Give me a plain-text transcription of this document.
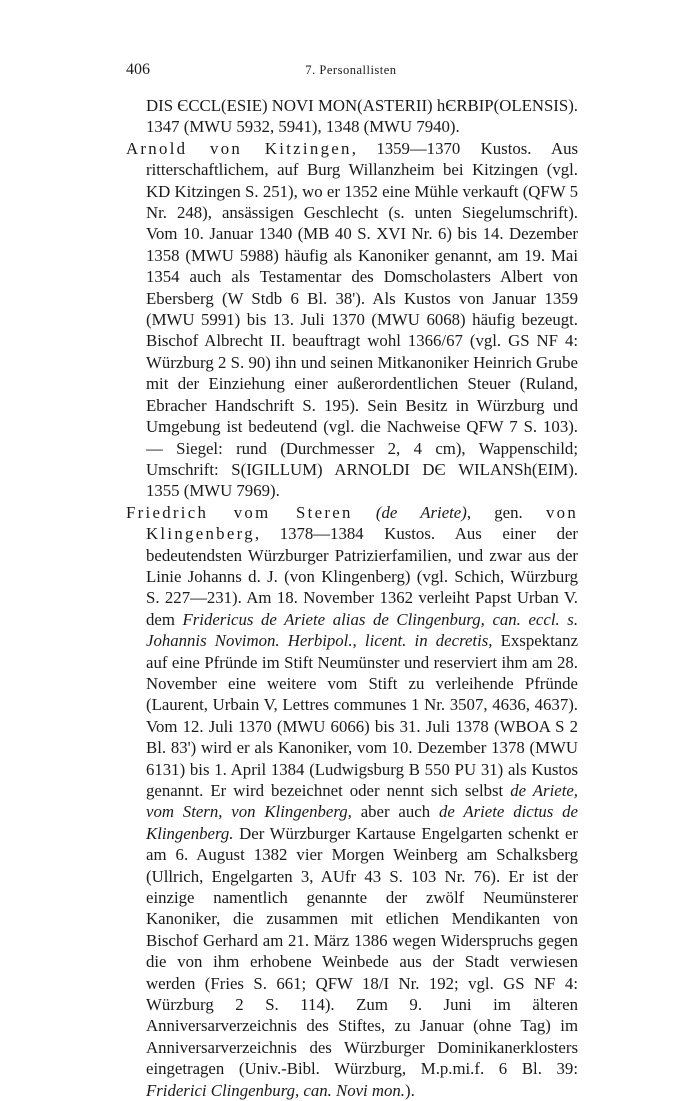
406	7. Personallisten

DIS ЄCCL(ESIE) NOVI MON(ASTERII) hЄRBIP(OLENSIS). 1347 (MWU 5932, 5941), 1348 (MWU 7940).

Arnold von Kitzingen, 1359—1370 Kustos. Aus ritterschaftlichem, auf Burg Willanzheim bei Kitzingen (vgl. KD Kitzingen S. 251), wo er 1352 eine Mühle verkauft (QFW 5 Nr. 248), ansässigen Geschlecht (s. unten Siegelumschrift). Vom 10. Januar 1340 (MB 40 S. XVI Nr. 6) bis 14. Dezember 1358 (MWU 5988) häufig als Kanoniker genannt, am 19. Mai 1354 auch als Testamentar des Domscholasters Albert von Ebersberg (W Stdb 6 Bl. 38'). Als Kustos von Januar 1359 (MWU 5991) bis 13. Juli 1370 (MWU 6068) häufig bezeugt. Bischof Albrecht II. beauftragt wohl 1366/67 (vgl. GS NF 4: Würzburg 2 S. 90) ihn und seinen Mitkanoniker Heinrich Grube mit der Einziehung einer außerordentlichen Steuer (Ruland, Ebracher Handschrift S. 195). Sein Besitz in Würzburg und Umgebung ist bedeutend (vgl. die Nachweise QFW 7 S. 103). — Siegel: rund (Durchmesser 2, 4 cm), Wappenschild; Umschrift: S(IGILLUM) ARNOLDI DЄ WILANSh(EIM). 1355 (MWU 7969).

Friedrich vom Steren (de Ariete), gen. von Klingenberg, 1378—1384 Kustos. Aus einer der bedeutendsten Würzburger Patrizierfamilien, und zwar aus der Linie Johanns d. J. (von Klingenberg) (vgl. Schich, Würzburg S. 227—231). Am 18. November 1362 verleiht Papst Urban V. dem Fridericus de Ariete alias de Clingenburg, can. eccl. s. Johannis Novimon. Herbipol., licent. in decretis, Exspektanz auf eine Pfründe im Stift Neumünster und reserviert ihm am 28. November eine weitere vom Stift zu verleihende Pfründe (Laurent, Urbain V, Lettres communes 1 Nr. 3507, 4636, 4637). Vom 12. Juli 1370 (MWU 6066) bis 31. Juli 1378 (WBOA S 2 Bl. 83') wird er als Kanoniker, vom 10. Dezember 1378 (MWU 6131) bis 1. April 1384 (Ludwigsburg B 550 PU 31) als Kustos genannt. Er wird bezeichnet oder nennt sich selbst de Ariete, vom Stern, von Klingenberg, aber auch de Ariete dictus de Klingenberg. Der Würzburger Kartause Engelgarten schenkt er am 6. August 1382 vier Morgen Weinberg am Schalksberg (Ullrich, Engelgarten 3, AUfr 43 S. 103 Nr. 76). Er ist der einzige namentlich genannte der zwölf Neumünsterer Kanoniker, die zusammen mit etlichen Mendikanten von Bischof Gerhard am 21. März 1386 wegen Widerspruchs gegen die von ihm erhobene Weinbede aus der Stadt verwiesen werden (Fries S. 661; QFW 18/I Nr. 192; vgl. GS NF 4: Würzburg 2 S. 114). Zum 9. Juni im älteren Anniversarverzeichnis des Stiftes, zu Januar (ohne Tag) im Anniversarverzeichnis des Würzburger Dominikanerklosters eingetragen (Univ.-Bibl. Würzburg, M.p.mi.f. 6 Bl. 39: Friderici Clingenburg, can. Novi mon.).
